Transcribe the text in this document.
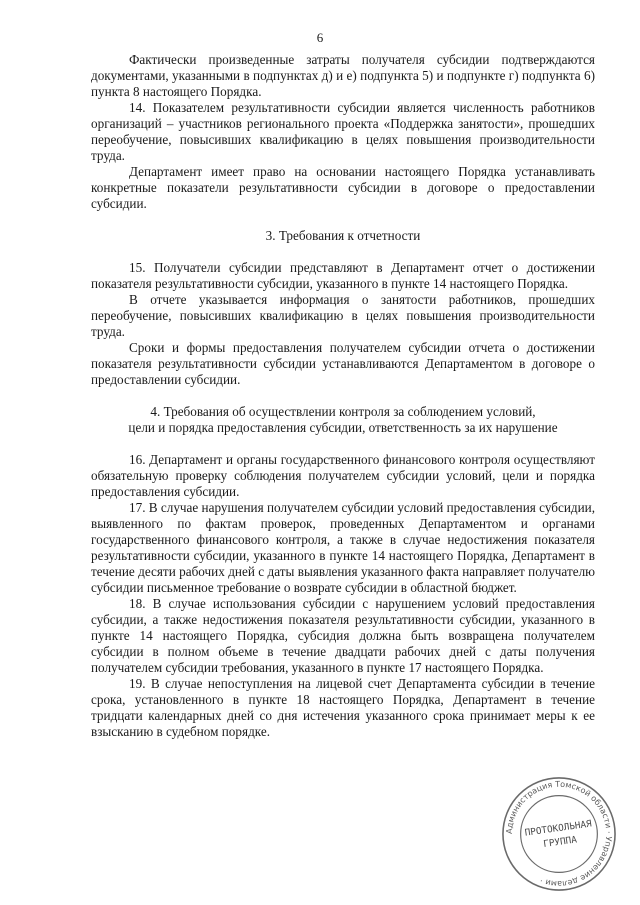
6

Фактически произведенные затраты получателя субсидии подтверждаются документами, указанными в подпунктах д) и е) подпункта 5) и подпункте г) подпункта 6) пункта 8 настоящего Порядка.

14. Показателем результативности субсидии является численность работников организаций – участников регионального проекта «Поддержка занятости», прошедших переобучение, повысивших квалификацию в целях повышения производительности труда.

Департамент имеет право на основании настоящего Порядка устанавливать конкретные показатели результативности субсидии в договоре о предоставлении субсидии.

3. Требования к отчетности

15. Получатели субсидии представляют в Департамент отчет о достижении показателя результативности субсидии, указанного в пункте 14 настоящего Порядка.

В отчете указывается информация о занятости работников, прошедших переобучение, повысивших квалификацию в целях повышения производительности труда.

Сроки и формы предоставления получателем субсидии отчета о достижении показателя результативности субсидии устанавливаются Департаментом в договоре о предоставлении субсидии.

4. Требования об осуществлении контроля за соблюдением условий,

цели и порядка предоставления субсидии, ответственность за их нарушение

16. Департамент и органы государственного финансового контроля осуществляют обязательную проверку соблюдения получателем субсидии условий, цели и порядка предоставления субсидии.

17. В случае нарушения получателем субсидии условий предоставления субсидии, выявленного по фактам проверок, проведенных Департаментом и органами государственного финансового контроля, а также в случае недостижения показателя результативности субсидии, указанного в пункте 14 настоящего Порядка, Департамент в течение десяти рабочих дней с даты выявления указанного факта направляет получателю субсидии письменное требование о возврате субсидии в областной бюджет.

18. В случае использования субсидии с нарушением условий предоставления субсидии, а также недостижения показателя результативности субсидии, указанного в пункте 14 настоящего Порядка, субсидия должна быть возвращена получателем субсидии в полном объеме в течение двадцати рабочих дней с даты получения получателем субсидии требования, указанного в пункте 17 настоящего Порядка.

19. В случае непоступления на лицевой счет Департамента субсидии в течение срока, установленного в пункте 18 настоящего Порядка, Департамент в течение тридцати календарных дней со дня истечения указанного срока принимает меры к ее взысканию в судебном порядке.

Администрация Томской области · Управление делами ·
ПРОТОКОЛЬНАЯ
ГРУППА
